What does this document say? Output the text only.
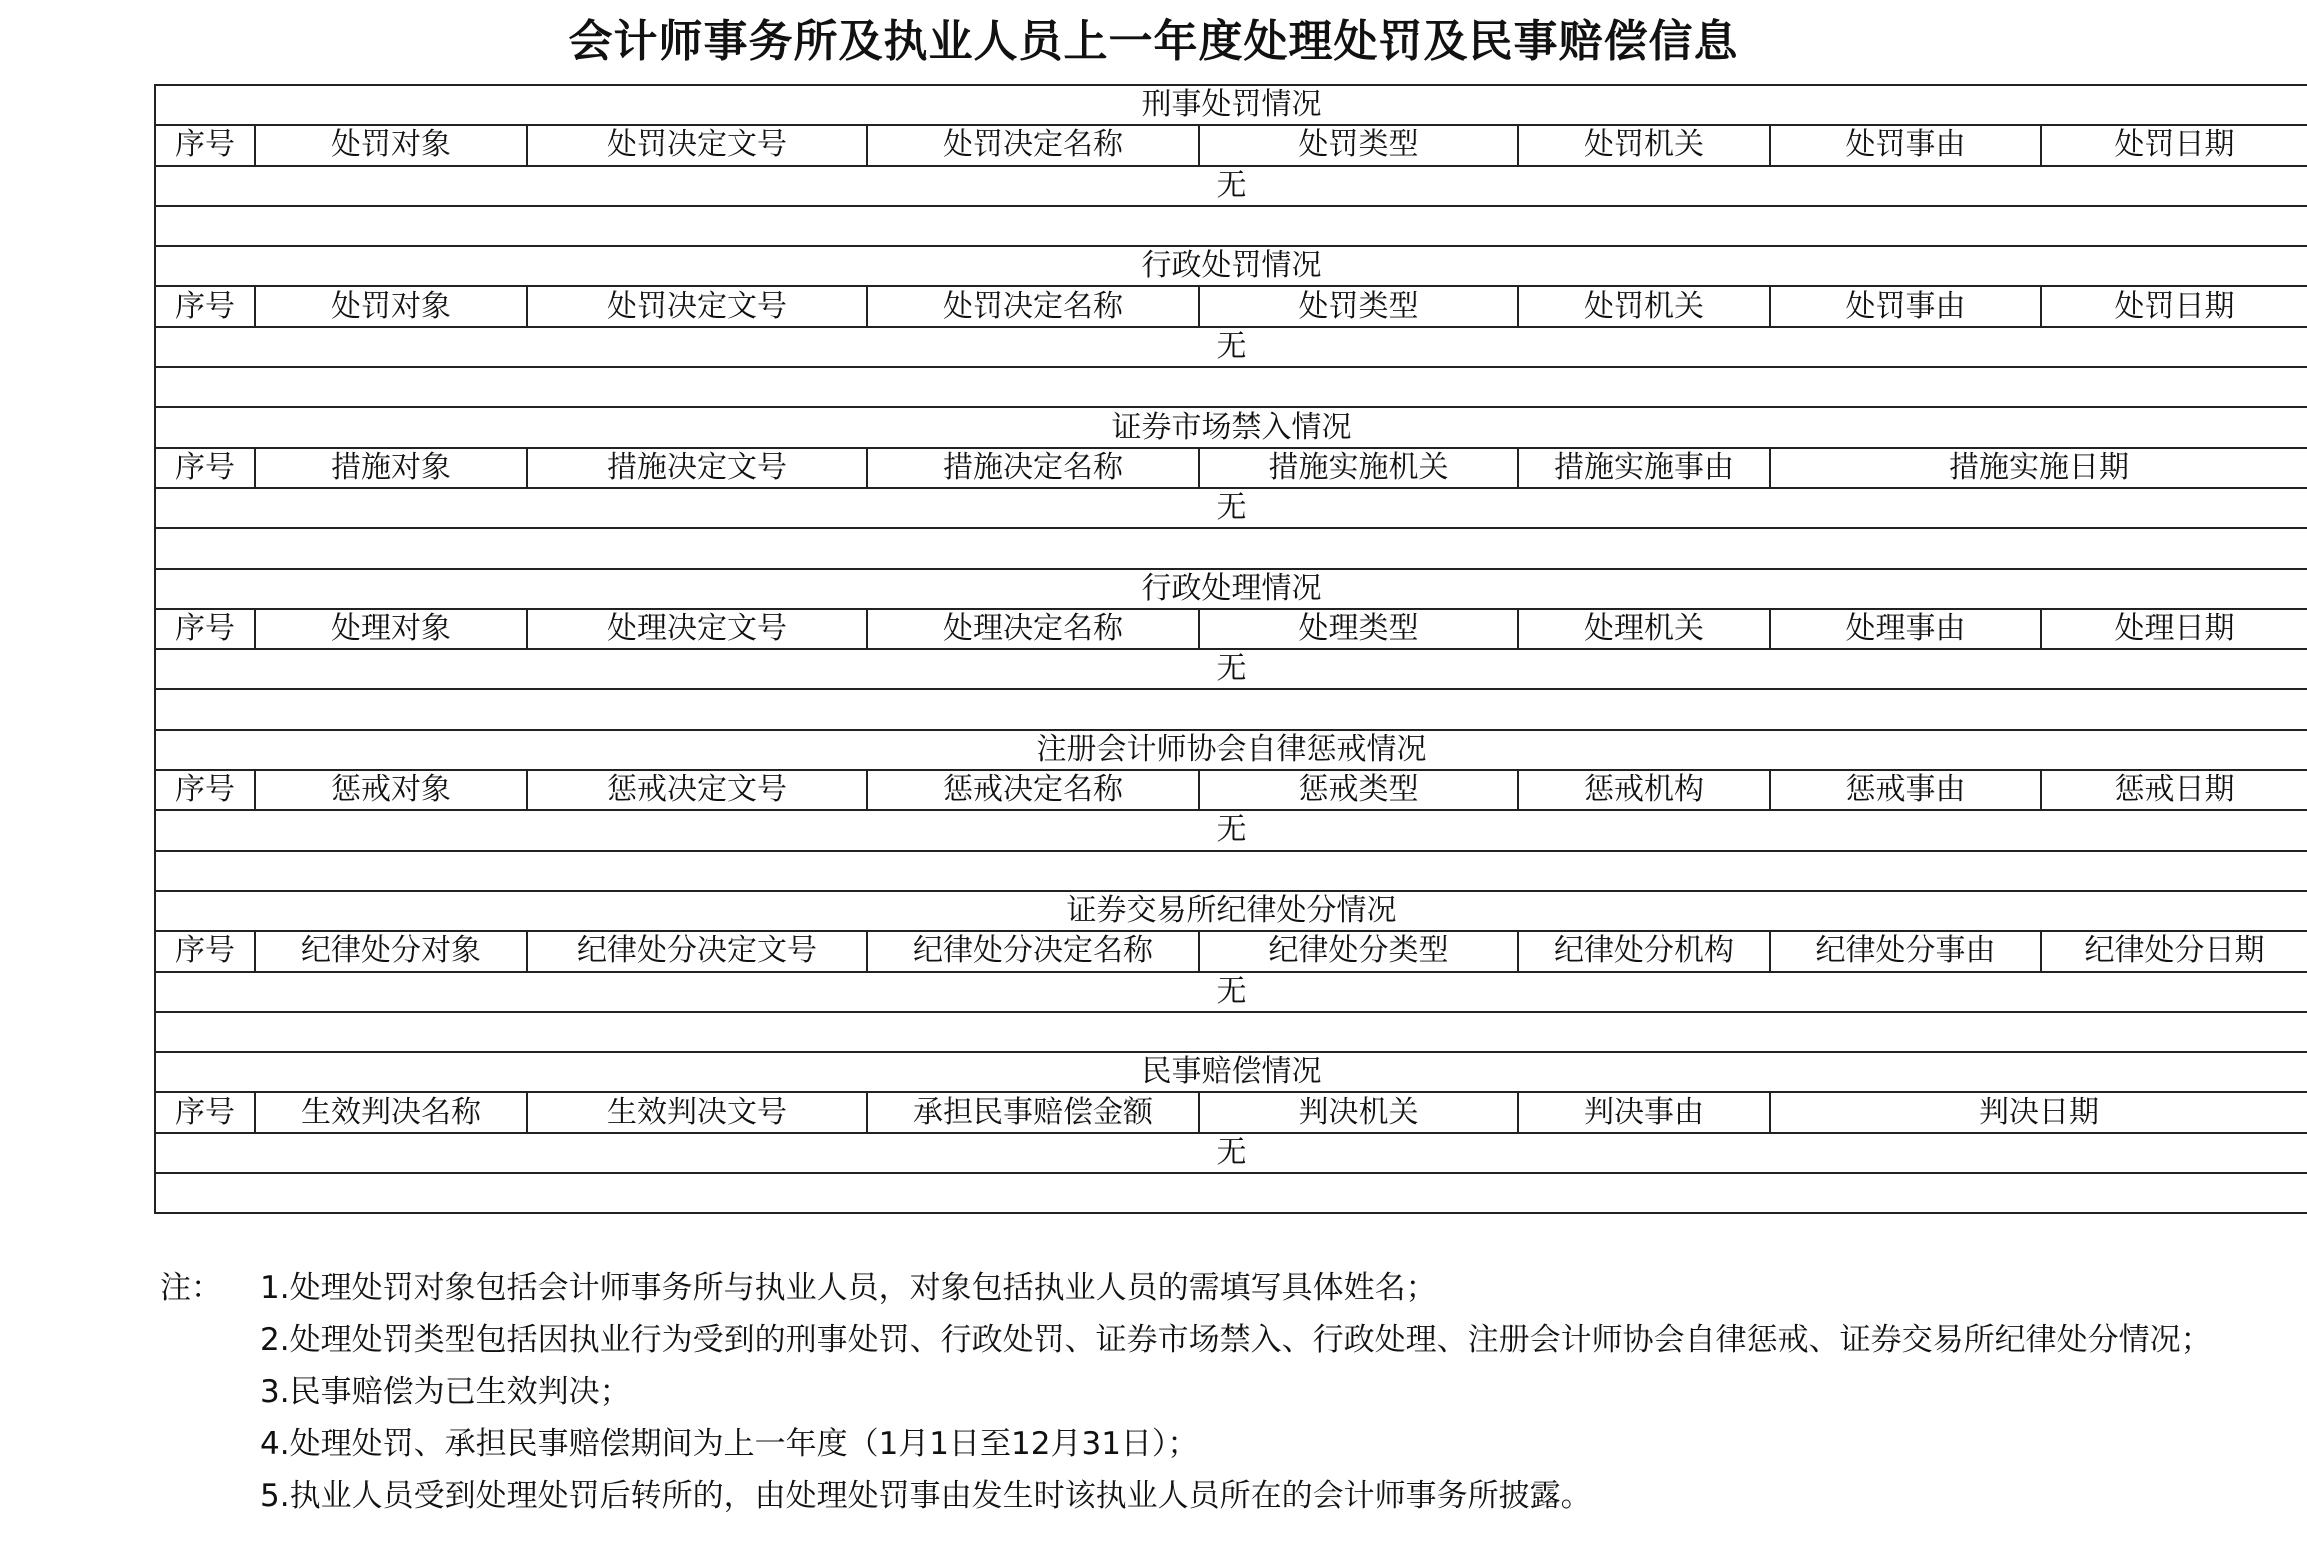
会计师事务所及执业人员上一年度处理处罚及民事赔偿信息
刑事处罚情况							
序号	处罚对象	处罚决定文号	处罚决定名称	处罚类型	处罚机关	处罚事由	处罚日期
无							

行政处罚情况							
序号	处罚对象	处罚决定文号	处罚决定名称	处罚类型	处罚机关	处罚事由	处罚日期
无							

证券市场禁入情况							
序号	措施对象	措施决定文号	措施决定名称	措施实施机关	措施实施事由	措施实施日期	
无							

行政处理情况							
序号	处理对象	处理决定文号	处理决定名称	处理类型	处理机关	处理事由	处理日期
无							

注册会计师协会自律惩戒情况							
序号	惩戒对象	惩戒决定文号	惩戒决定名称	惩戒类型	惩戒机构	惩戒事由	惩戒日期
无							

证券交易所纪律处分情况							
序号	纪律处分对象	纪律处分决定文号	纪律处分决定名称	纪律处分类型	纪律处分机构	纪律处分事由	纪律处分日期
无							

民事赔偿情况							
序号	生效判决名称	生效判决文号	承担民事赔偿金额	判决机关	判决事由	判决日期	
无							

注：	1.处理处罚对象包括会计师事务所与执业人员，对象包括执业人员的需填写具体姓名；
2.处理处罚类型包括因执业行为受到的刑事处罚、行政处罚、证券市场禁入、行政处理、注册会计师协会自律惩戒、证券交易所纪律处分情况；
3.民事赔偿为已生效判决；
4.处理处罚、承担民事赔偿期间为上一年度（1月1日至12月31日）；
5.执业人员受到处理处罚后转所的，由处理处罚事由发生时该执业人员所在的会计师事务所披露。
